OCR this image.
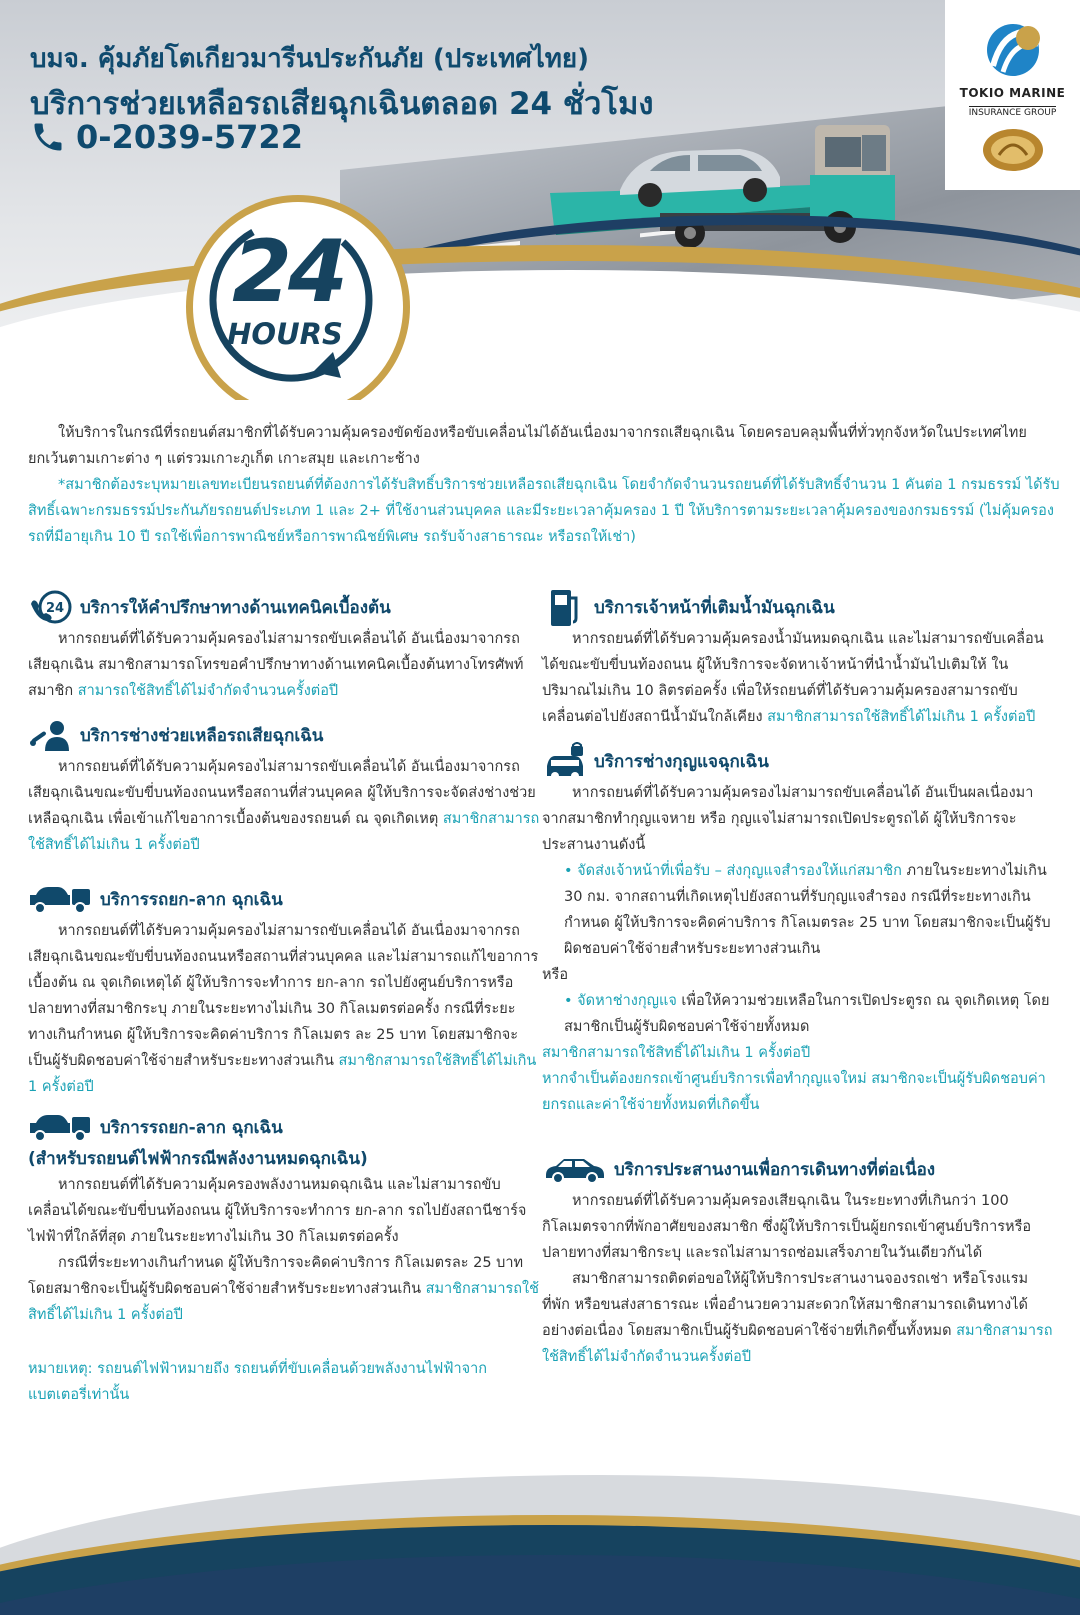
บมจ. คุ้มภัยโตเกียวมารีนประกันภัย (ประเทศไทย)
บริการช่วยเหลือรถเสียฉุกเฉินตลอด 24 ชั่วโมง
0-2039-5722
TOKIO MARINE
INSURANCE GROUP
24
HOURS

ให้บริการในกรณีที่รถยนต์สมาชิกที่ได้รับความคุ้มครองขัดข้องหรือขับเคลื่อนไม่ได้อันเนื่องมาจากรถเสียฉุกเฉิน โดยครอบคลุมพื้นที่ทั่วทุกจังหวัดในประเทศไทย ยกเว้นตามเกาะต่าง ๆ แต่รวมเกาะภูเก็ต เกาะสมุย และเกาะช้าง

*สมาชิกต้องระบุหมายเลขทะเบียนรถยนต์ที่ต้องการได้รับสิทธิ์บริการช่วยเหลือรถเสียฉุกเฉิน โดยจำกัดจำนวนรถยนต์ที่ได้รับสิทธิ์จำนวน 1 คันต่อ 1 กรมธรรม์ ได้รับสิทธิ์เฉพาะกรมธรรม์ประกันภัยรถยนต์ประเภท 1 และ 2+ ที่ใช้งานส่วนบุคคล และมีระยะเวลาคุ้มครอง 1 ปี ให้บริการตามระยะเวลาคุ้มครองของกรมธรรม์ (ไม่คุ้มครองรถที่มีอายุเกิน 10 ปี รถใช้เพื่อการพาณิชย์หรือการพาณิชย์พิเศษ รถรับจ้างสาธารณะ หรือรถให้เช่า)

24 บริการให้คำปรึกษาทางด้านเทคนิคเบื้องต้น

หากรถยนต์ที่ได้รับความคุ้มครองไม่สามารถขับเคลื่อนได้ อันเนื่องมาจากรถเสียฉุกเฉิน สมาชิกสามารถโทรขอคำปรึกษาทางด้านเทคนิคเบื้องต้นทางโทรศัพท์ สมาชิก สามารถใช้สิทธิ์ได้ไม่จำกัดจำนวนครั้งต่อปี

บริการช่างช่วยเหลือรถเสียฉุกเฉิน

หากรถยนต์ที่ได้รับความคุ้มครองไม่สามารถขับเคลื่อนได้ อันเนื่องมาจากรถเสียฉุกเฉินขณะขับขี่บนท้องถนนหรือสถานที่ส่วนบุคคล ผู้ให้บริการจะจัดส่งช่างช่วยเหลือฉุกเฉิน เพื่อเข้าแก้ไขอาการเบื้องต้นของรถยนต์ ณ จุดเกิดเหตุ สมาชิกสามารถใช้สิทธิ์ได้ไม่เกิน 1 ครั้งต่อปี

บริการรถยก-ลาก ฉุกเฉิน

หากรถยนต์ที่ได้รับความคุ้มครองไม่สามารถขับเคลื่อนได้ อันเนื่องมาจากรถเสียฉุกเฉินขณะขับขี่บนท้องถนนหรือสถานที่ส่วนบุคคล และไม่สามารถแก้ไขอาการเบื้องต้น ณ จุดเกิดเหตุได้ ผู้ให้บริการจะทำการ ยก-ลาก รถไปยังศูนย์บริการหรือปลายทางที่สมาชิกระบุ ภายในระยะทางไม่เกิน 30 กิโลเมตรต่อครั้ง กรณีที่ระยะทางเกินกำหนด ผู้ให้บริการจะคิดค่าบริการ กิโลเมตร ละ 25 บาท โดยสมาชิกจะเป็นผู้รับผิดชอบค่าใช้จ่ายสำหรับระยะทางส่วนเกิน สมาชิกสามารถใช้สิทธิ์ได้ไม่เกิน 1 ครั้งต่อปี

บริการรถยก-ลาก ฉุกเฉิน
(สำหรับรถยนต์ไฟฟ้ากรณีพลังงานหมดฉุกเฉิน)

หากรถยนต์ที่ได้รับความคุ้มครองพลังงานหมดฉุกเฉิน และไม่สามารถขับเคลื่อนได้ขณะขับขี่บนท้องถนน ผู้ให้บริการจะทำการ ยก-ลาก รถไปยังสถานีชาร์จไฟฟ้าที่ใกล้ที่สุด ภายในระยะทางไม่เกิน 30 กิโลเมตรต่อครั้ง

กรณีที่ระยะทางเกินกำหนด ผู้ให้บริการจะคิดค่าบริการ กิโลเมตรละ 25 บาท โดยสมาชิกจะเป็นผู้รับผิดชอบค่าใช้จ่ายสำหรับระยะทางส่วนเกิน สมาชิกสามารถใช้สิทธิ์ได้ไม่เกิน 1 ครั้งต่อปี

หมายเหตุ: รถยนต์ไฟฟ้าหมายถึง รถยนต์ที่ขับเคลื่อนด้วยพลังงานไฟฟ้าจากแบตเตอรี่เท่านั้น
บริการเจ้าหน้าที่เติมน้ำมันฉุกเฉิน

หากรถยนต์ที่ได้รับความคุ้มครองน้ำมันหมดฉุกเฉิน และไม่สามารถขับเคลื่อนได้ขณะขับขี่บนท้องถนน ผู้ให้บริการจะจัดหาเจ้าหน้าที่นำน้ำมันไปเติมให้ ในปริมาณไม่เกิน 10 ลิตรต่อครั้ง เพื่อให้รถยนต์ที่ได้รับความคุ้มครองสามารถขับเคลื่อนต่อไปยังสถานีน้ำมันใกล้เคียง สมาชิกสามารถใช้สิทธิ์ได้ไม่เกิน 1 ครั้งต่อปี

บริการช่างกุญแจฉุกเฉิน

หากรถยนต์ที่ได้รับความคุ้มครองไม่สามารถขับเคลื่อนได้ อันเป็นผลเนื่องมาจากสมาชิกทำกุญแจหาย หรือ กุญแจไม่สามารถเปิดประตูรถได้ ผู้ให้บริการจะประสานงานดังนี้

• จัดส่งเจ้าหน้าที่เพื่อรับ – ส่งกุญแจสำรองให้แก่สมาชิก ภายในระยะทางไม่เกิน 30 กม. จากสถานที่เกิดเหตุไปยังสถานที่รับกุญแจสำรอง กรณีที่ระยะทางเกินกำหนด ผู้ให้บริการจะคิดค่าบริการ กิโลเมตรละ 25 บาท โดยสมาชิกจะเป็นผู้รับผิดชอบค่าใช้จ่ายสำหรับระยะทางส่วนเกิน

หรือ

• จัดหาช่างกุญแจ เพื่อให้ความช่วยเหลือในการเปิดประตูรถ ณ จุดเกิดเหตุ โดยสมาชิกเป็นผู้รับผิดชอบค่าใช้จ่ายทั้งหมด

สมาชิกสามารถใช้สิทธิ์ได้ไม่เกิน 1 ครั้งต่อปี

หากจำเป็นต้องยกรถเข้าศูนย์บริการเพื่อทำกุญแจใหม่ สมาชิกจะเป็นผู้รับผิดชอบค่ายกรถและค่าใช้จ่ายทั้งหมดที่เกิดขึ้น

บริการประสานงานเพื่อการเดินทางที่ต่อเนื่อง

หากรถยนต์ที่ได้รับความคุ้มครองเสียฉุกเฉิน ในระยะทางที่เกินกว่า 100 กิโลเมตรจากที่พักอาศัยของสมาชิก ซึ่งผู้ให้บริการเป็นผู้ยกรถเข้าศูนย์บริการหรือปลายทางที่สมาชิกระบุ และรถไม่สามารถซ่อมเสร็จภายในวันเดียวกันได้

สมาชิกสามารถติดต่อขอให้ผู้ให้บริการประสานงานจองรถเช่า หรือโรงแรมที่พัก หรือขนส่งสาธารณะ เพื่ออำนวยความสะดวกให้สมาชิกสามารถเดินทางได้อย่างต่อเนื่อง โดยสมาชิกเป็นผู้รับผิดชอบค่าใช้จ่ายที่เกิดขึ้นทั้งหมด สมาชิกสามารถใช้สิทธิ์ได้ไม่จำกัดจำนวนครั้งต่อปี
